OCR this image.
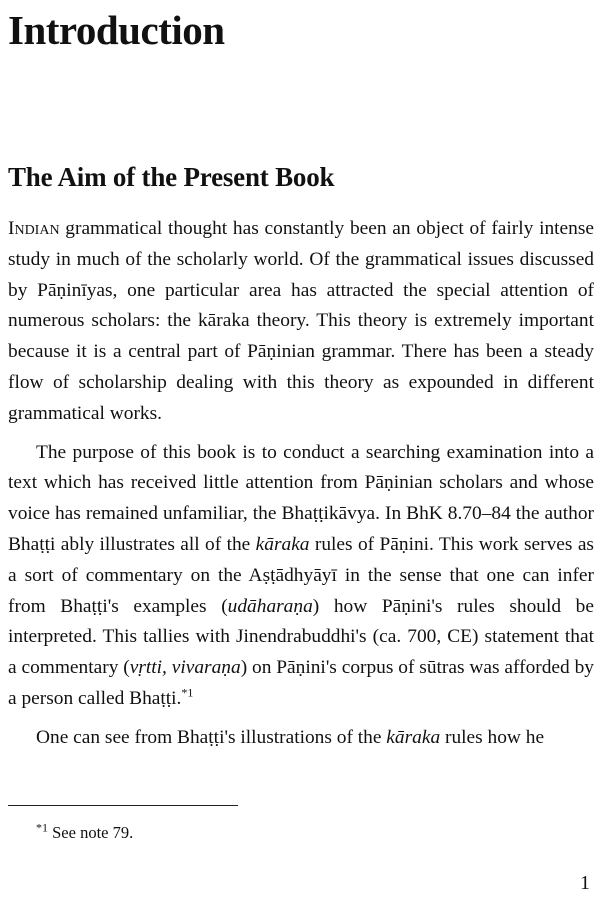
Introduction
The Aim of the Present Book

Indian grammatical thought has constantly been an object of fairly intense study in much of the scholarly world. Of the grammatical issues discussed by Pāṇinīyas, one particular area has attracted the special attention of numerous scholars: the kāraka theory. This theory is extremely important because it is a central part of Pāṇinian grammar. There has been a steady flow of scholarship dealing with this theory as expounded in different grammatical works.

The purpose of this book is to conduct a searching examination into a text which has received little attention from Pāṇinian scholars and whose voice has remained unfamiliar, the Bhaṭṭikāvya. In BhK 8.70–84 the author Bhaṭṭi ably illustrates all of the kāraka rules of Pāṇini. This work serves as a sort of commentary on the Aṣṭādhyāyī in the sense that one can infer from Bhaṭṭi's examples (udāharaṇa) how Pāṇini's rules should be interpreted. This tallies with Jinendrabuddhi's (ca. 700, CE) statement that a commentary (vṛtti, vivaraṇa) on Pāṇini's corpus of sūtras was afforded by a person called Bhaṭṭi.$^{*1}$

One can see from Bhaṭṭi's illustrations of the kāraka rules how he

$^{*1}$ See note 79.
1
